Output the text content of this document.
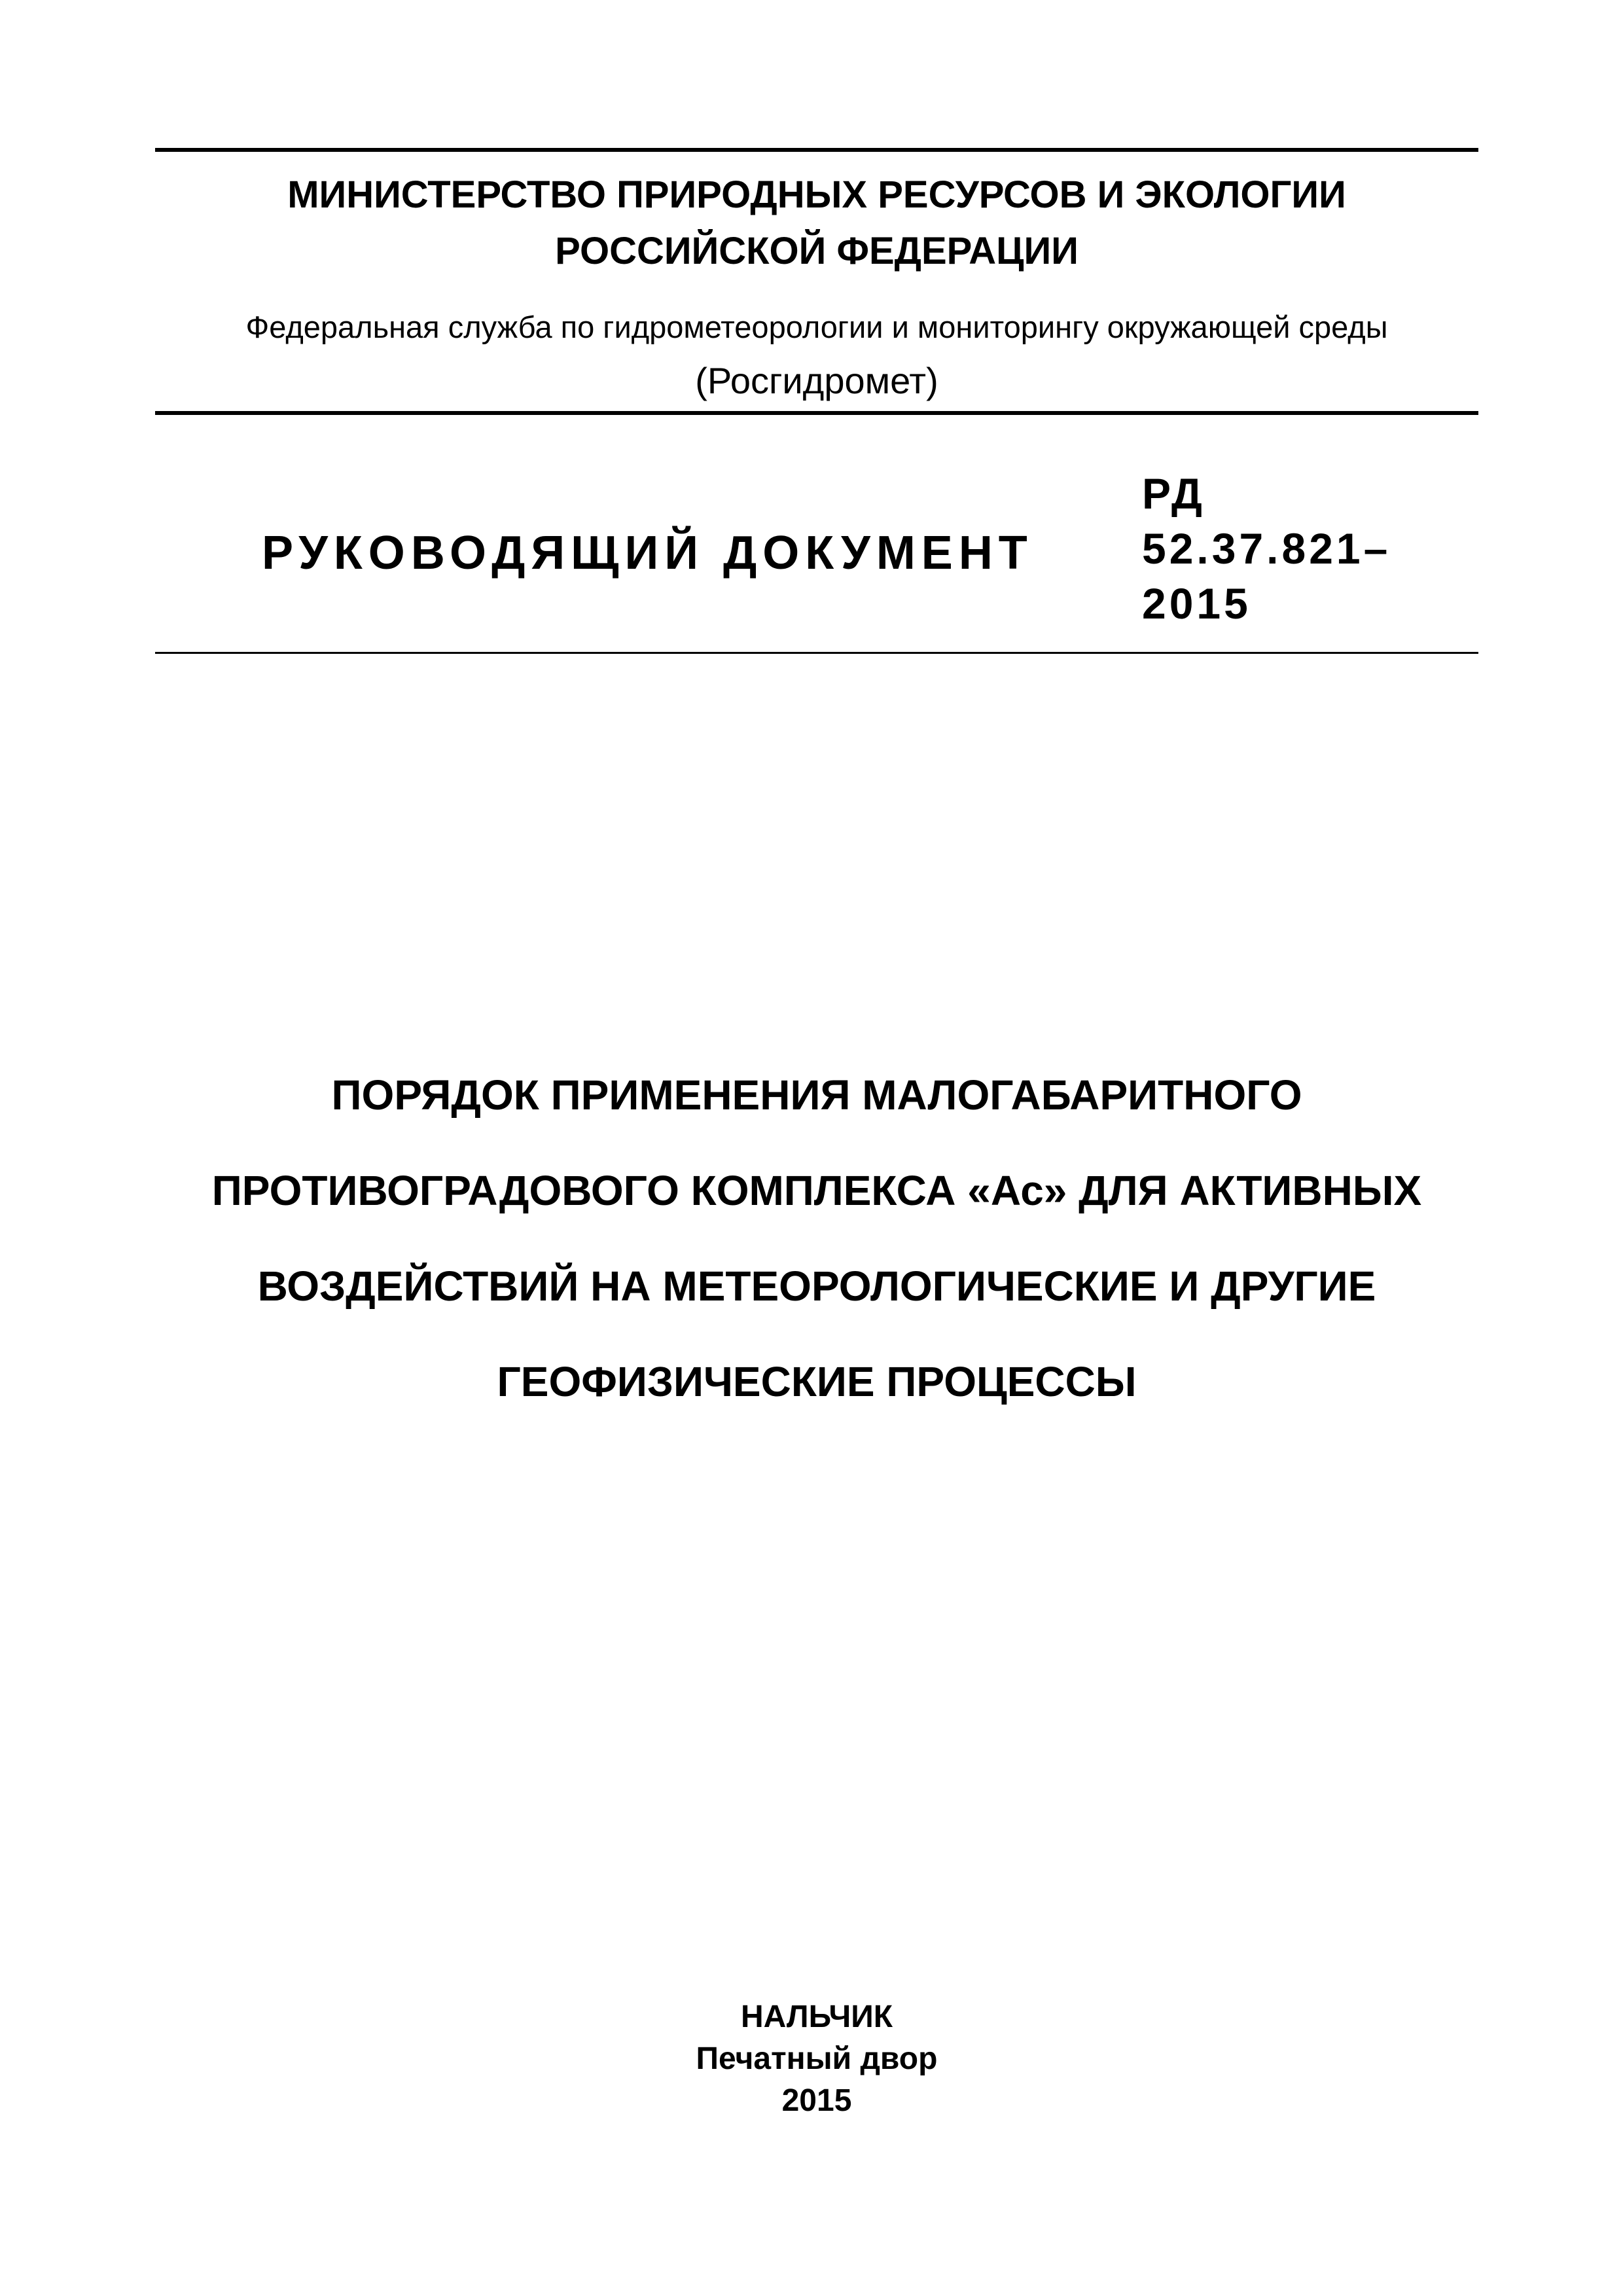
МИНИСТЕРСТВО ПРИРОДНЫХ РЕСУРСОВ И ЭКОЛОГИИ
РОССИЙСКОЙ ФЕДЕРАЦИИ
Федеральная служба по гидрометеорологии и мониторингу окружающей среды
(Росгидромет)
РУКОВОДЯЩИЙ ДОКУМЕНТ
РД
52.37.821–
2015
ПОРЯДОК ПРИМЕНЕНИЯ МАЛОГАБАРИТНОГО
ПРОТИВОГРАДОВОГО КОМПЛЕКСА «Ас» ДЛЯ АКТИВНЫХ
ВОЗДЕЙСТВИЙ НА МЕТЕОРОЛОГИЧЕСКИЕ И ДРУГИЕ
ГЕОФИЗИЧЕСКИЕ ПРОЦЕССЫ
НАЛЬЧИК
Печатный двор
2015
